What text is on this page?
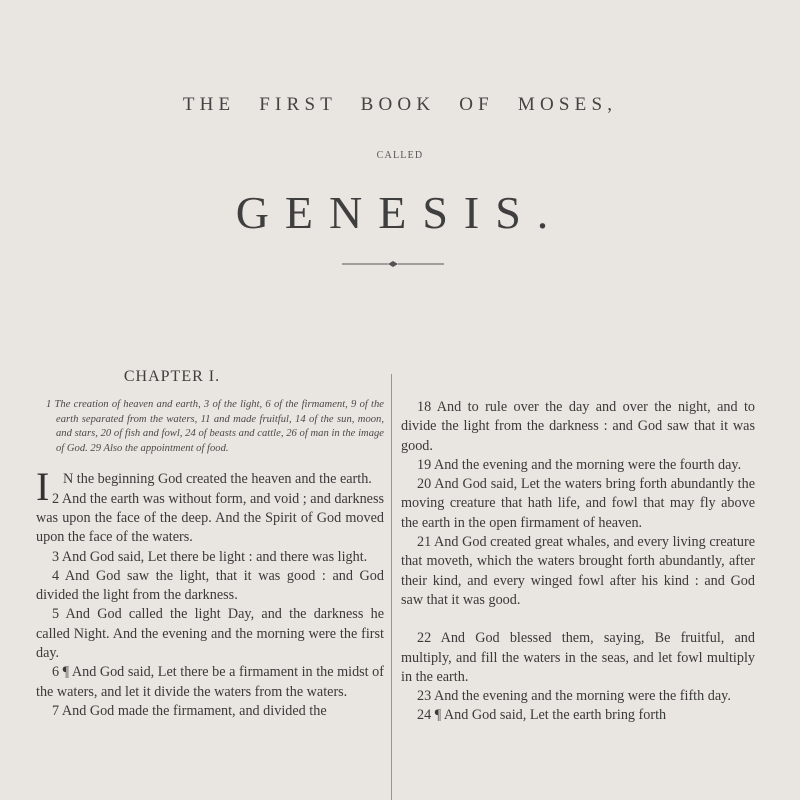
THE FIRST BOOK OF MOSES,
CALLED
GENESIS.
CHAPTER I.
1 The creation of heaven and earth, 3 of the light, 6 of the firmament, 9 of the earth separated from the waters, 11 and made fruitful, 14 of the sun, moon, and stars, 20 of fish and fowl, 24 of beasts and cattle, 26 of man in the image of God. 29 Also the appointment of food.

I N the beginning God created the heaven and the earth.

2 And the earth was without form, and void ; and darkness was upon the face of the deep. And the Spirit of God moved upon the face of the waters.

3 And God said, Let there be light : and there was light.

4 And God saw the light, that it was good : and God divided the light from the darkness.

5 And God called the light Day, and the darkness he called Night. And the evening and the morning were the first day.

6 ¶ And God said, Let there be a firmament in the midst of the waters, and let it divide the waters from the waters.

7 And God made the firmament, and divided the

18 And to rule over the day and over the night, and to divide the light from the darkness : and God saw that it was good.

19 And the evening and the morning were the fourth day.

20 And God said, Let the waters bring forth abundantly the moving creature that hath life, and fowl that may fly above the earth in the open firmament of heaven.

21 And God created great whales, and every living creature that moveth, which the waters brought forth abundantly, after their kind, and every winged fowl after his kind : and God saw that it was good.

22 And God blessed them, saying, Be fruitful, and multiply, and fill the waters in the seas, and let fowl multiply in the earth.

23 And the evening and the morning were the fifth day.

24 ¶ And God said, Let the earth bring forth
